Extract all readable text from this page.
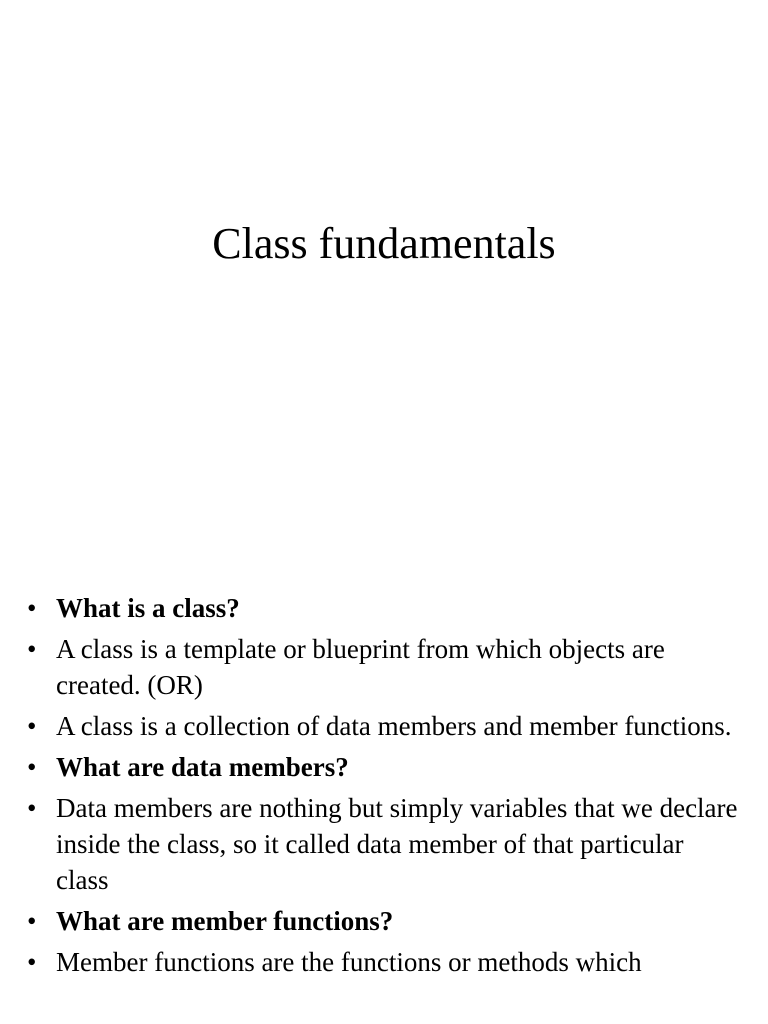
Class fundamentals
• What is a class?
• A class is a template or blueprint from which objects are created. (OR)
• A class is a collection of data members and member functions.
• What are data members?
• Data members are nothing but simply variables that we declare inside the class, so it called data member of that particular class
• What are member functions?
• Member functions are the functions or methods which
